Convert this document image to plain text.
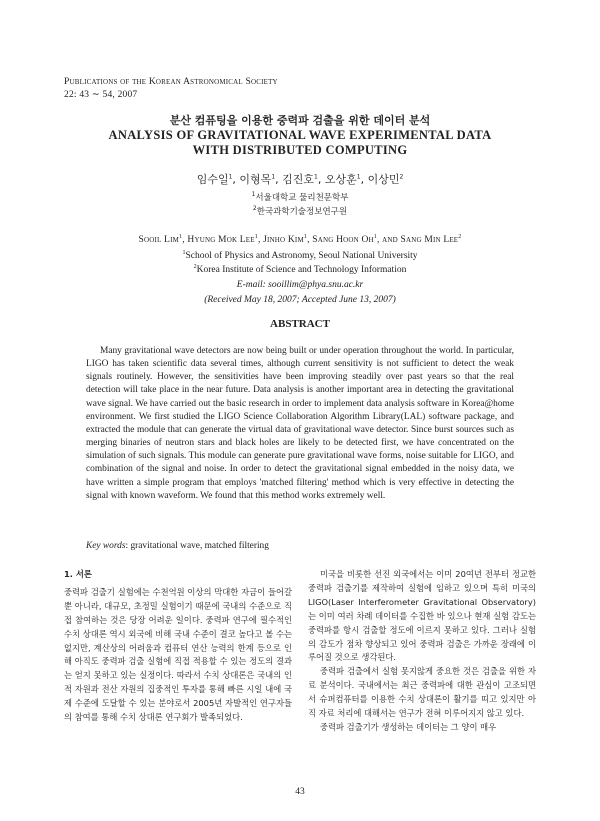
Publications of the Korean Astronomical Society
22: 43 ∼ 54, 2007
분산 컴퓨팅을 이용한 중력파 검출을 위한 데이터 분석
ANALYSIS OF GRAVITATIONAL WAVE EXPERIMENTAL DATA
WITH DISTRIBUTED COMPUTING
임수일$^1$, 이형목$^1$, 김진호$^1$, 오상훈$^1$, 이상민$^2$
$^1$서울대학교 물리천문학부
$^2$한국과학기술정보연구원
Sooil Lim$^1$, Hyung Mok Lee$^1$, Jinho Kim$^1$, Sang Hoon Oh$^1$, and Sang Min Lee$^2$
$^1$School of Physics and Astronomy, Seoul National University
$^2$Korea Institute of Science and Technology Information
E-mail: sooillim@phya.snu.ac.kr
(Received May 18, 2007; Accepted June 13, 2007)
ABSTRACT

Many gravitational wave detectors are now being built or under operation throughout the world. In particular, LIGO has taken scientific data several times, although current sensitivity is not sufficient to detect the weak signals routinely. However, the sensitivities have been improving steadily over past years so that the real detection will take place in the near future. Data analysis is another important area in detecting the gravitational wave signal. We have carried out the basic research in order to implement data analysis software in Korea@home environment. We first studied the LIGO Science Collaboration Algorithm Library(LAL) software package, and extracted the module that can generate the virtual data of gravitational wave detector. Since burst sources such as merging binaries of neutron stars and black holes are likely to be detected first, we have concentrated on the simulation of such signals. This module can generate pure gravitational wave forms, noise suitable for LIGO, and combination of the signal and noise. In order to detect the gravitational signal embedded in the noisy data, we have written a simple program that employs 'matched filtering' method which is very effective in detecting the signal with known waveform. We found that this method works extremely well.

Key words: gravitational wave, matched filtering
1. 서론

중력파 검출기 실험에는 수천억원 이상의 막대한 자금이 들어갈 뿐 아니라, 대규모, 초정밀 실험이기 때문에 국내의 수준으로 직접 참여하는 것은 당장 어려운 일이다. 중력파 연구에 필수적인 수치 상대론 역시 외국에 비해 국내 수준이 결코 높다고 볼 수는 없지만, 계산상의 어려움과 컴퓨터 연산 능력의 한계 등으로 인해 아직도 중력파 검출 실험에 직접 적용할 수 있는 정도의 결과는 얻지 못하고 있는 실정이다. 따라서 수치 상대론은 국내의 인적 자원과 전산 자원의 집중적인 투자를 통해 빠른 시일 내에 국제 수준에 도달할 수 있는 분야로서 2005년 자발적인 연구자들의 참여를 통해 수치 상대론 연구회가 발족되었다.

미국을 비롯한 선진 외국에서는 이미 20여년 전부터 정교한 중력파 검출기를 제작하여 실험에 임하고 있으며 특히 미국의 LIGO(Laser Interferometer Gravitational Observatory)는 이미 여러 차례 데이터를 수집한 바 있으나 현재 실험 감도는 중력파를 항시 검출할 정도에 이르지 못하고 있다. 그러나 실험의 감도가 점차 향상되고 있어 중력파 검출은 가까운 장래에 이루어질 것으로 생각된다.

중력파 검출에서 실험 못지않게 중요한 것은 검출을 위한 자료 분석이다. 국내에서는 최근 중력파에 대한 관심이 고조되면서 슈퍼컴퓨터를 이용한 수치 상대론이 활기를 띠고 있지만 아직 자료 처리에 대해서는 연구가 전혀 이루어지지 않고 있다.

중력파 검출기가 생성하는 데이터는 그 양이 매우

43
